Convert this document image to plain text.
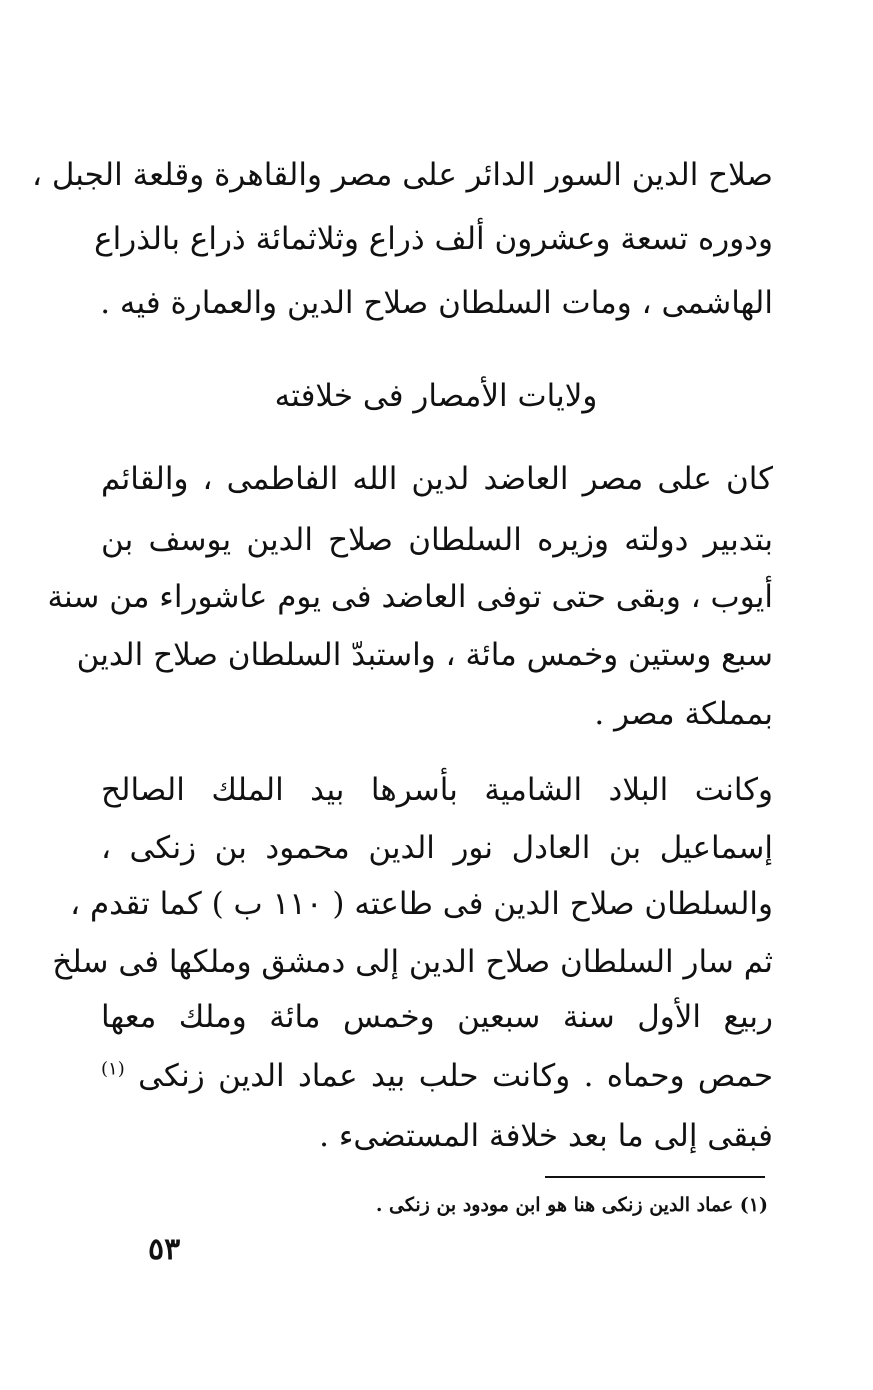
صلاح الدين السور الدائر على مصر والقاهرة وقلعة الجبل ،
ودوره تسعة وعشرون ألف ذراع وثلاثمائة ذراع بالذراع
الهاشمى ، ومات السلطان صلاح الدين والعمارة فيه .
ولايات الأمصار فى خلافته
كان على مصر العاضد لدين الله الفاطمى ، والقائم
بتدبير دولته وزيره السلطان صلاح الدين يوسف بن
أيوب ، وبقى حتى توفى العاضد فى يوم عاشوراء من سنة
سبع وستين وخمس مائة ، واستبدّ السلطان صلاح الدين
بمملكة مصر .
وكانت البلاد الشامية بأسرها بيد الملك الصالح
إسماعيل بن العادل نور الدين محمود بن زنكى ،
والسلطان صلاح الدين فى طاعته ( ١١٠ ب ) كما تقدم ،
ثم سار السلطان صلاح الدين إلى دمشق وملكها فى سلخ
ربيع الأول سنة سبعين وخمس مائة وملك معها
حمص وحماه . وكانت حلب بيد عماد الدين زنكى $^{(١)}$
فبقى إلى ما بعد خلافة المستضىء .
(١) عماد الدين زنكى هنا هو ابن مودود بن زنكى .
٥٣
